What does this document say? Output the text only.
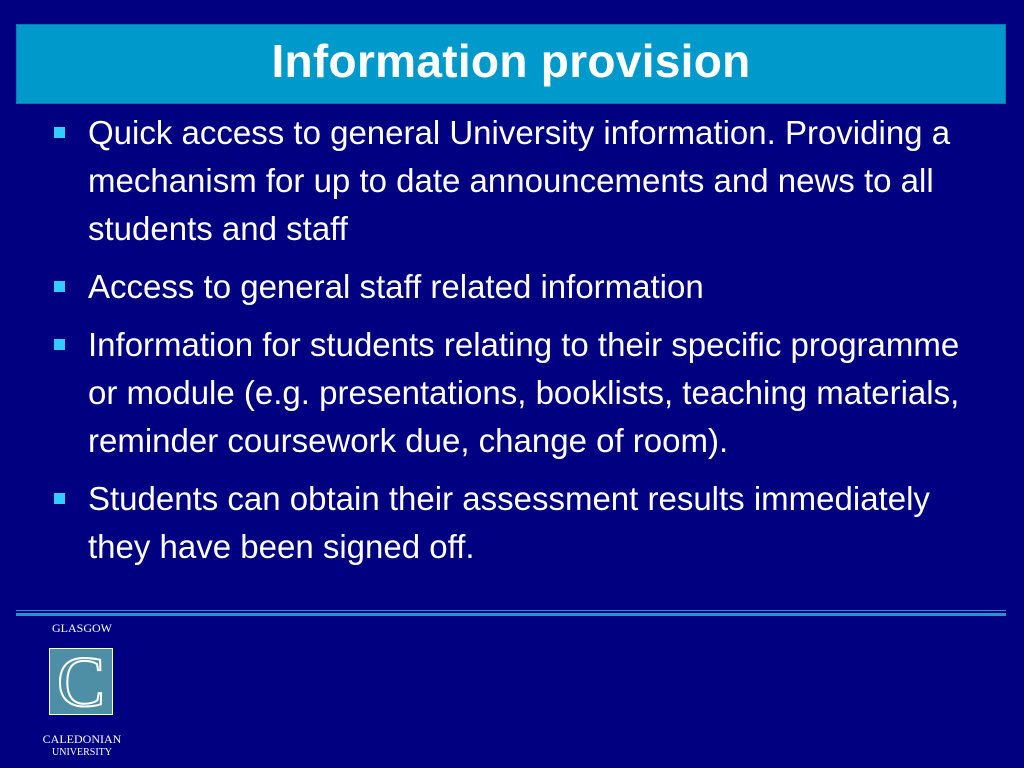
Information provision
Quick access to general University information. Providing a mechanism for up to date announcements and news to all students and staff
Access to general staff related information
Information for students relating to their specific programme or module (e.g. presentations, booklists, teaching materials, reminder coursework due, change of room).
Students can obtain their assessment results immediately they have been signed off.
GLASGOW
C
CALEDONIAN
UNIVERSITY
